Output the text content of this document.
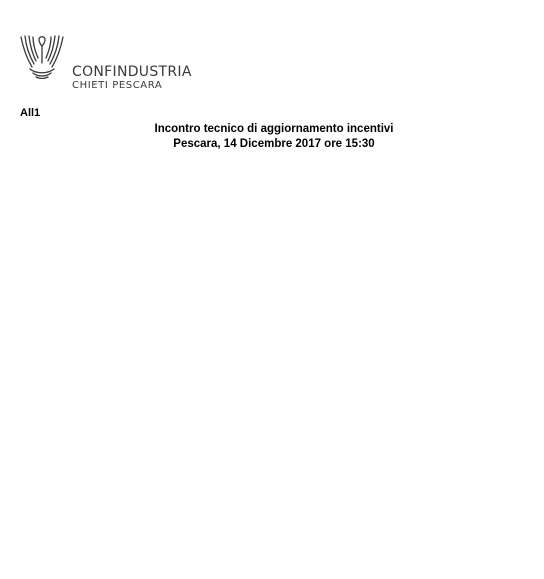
CONFINDUSTRIA
CHIETI PESCARA
All1
Incontro tecnico di aggiornamento incentivi
Pescara, 14 Dicembre 2017 ore 15:30
